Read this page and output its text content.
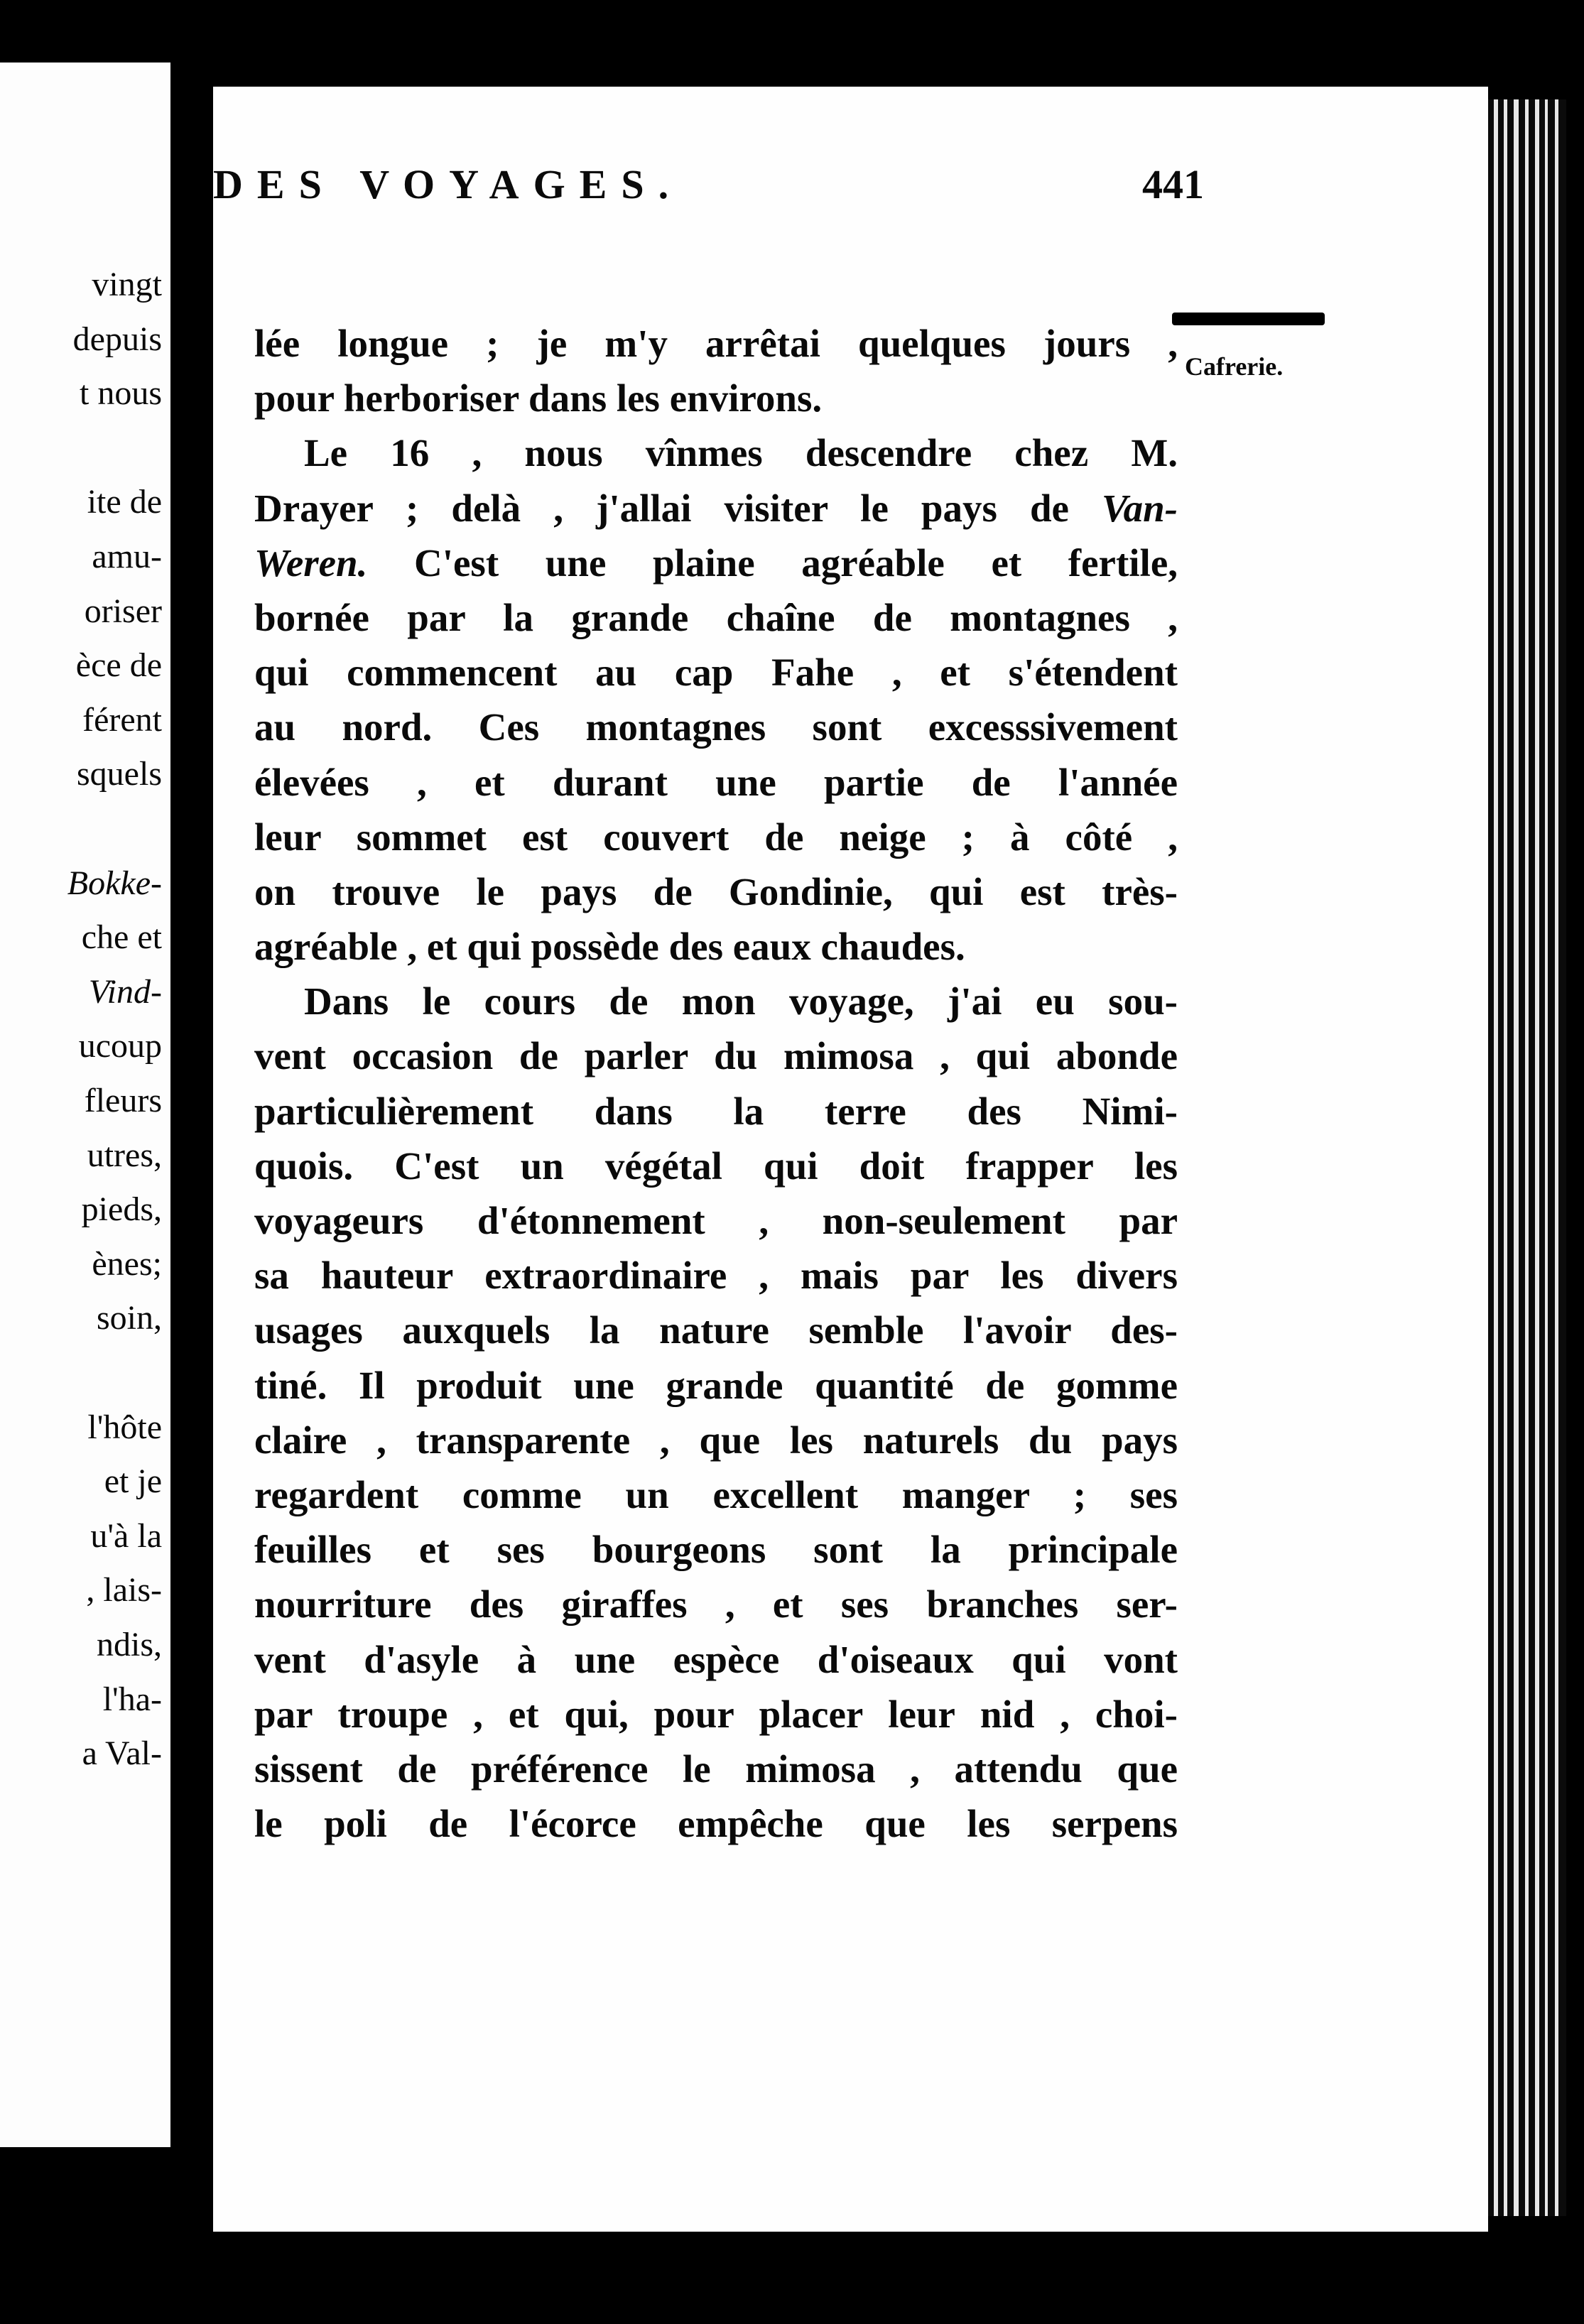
vingt
depuis
t nous
ite de
amu-
oriser
èce de
férent
squels
Bokke-
che et
Vind-
ucoup
fleurs
utres,
pieds,
ènes;
soin,
l'hôte
et je
u'à la
, lais-
ndis,
l'ha-
a Val-
DES VOYAGES.	441
Cafrerie.
lée longue ; je m'y arrêtai quelques jours ,
pour herboriser dans les environs.
Le 16 , nous vînmes descendre chez M.
Drayer ; delà , j'allai visiter le pays de Van-
Weren. C'est une plaine agréable et fertile,
bornée par la grande chaîne de montagnes ,
qui commencent au cap Fahe , et s'étendent
au nord. Ces montagnes sont excesssivement
élevées , et durant une partie de l'année
leur sommet est couvert de neige ; à côté ,
on trouve le pays de Gondinie, qui est très-
agréable , et qui possède des eaux chaudes.
Dans le cours de mon voyage, j'ai eu sou-
vent occasion de parler du mimosa , qui abonde
particulièrement dans la terre des Nimi-
quois. C'est un végétal qui doit frapper les
voyageurs d'étonnement , non-seulement par
sa hauteur extraordinaire , mais par les divers
usages auxquels la nature semble l'avoir des-
tiné. Il produit une grande quantité de gomme
claire , transparente , que les naturels du pays
regardent comme un excellent manger ; ses
feuilles et ses bourgeons sont la principale
nourriture des giraffes , et ses branches ser-
vent d'asyle à une espèce d'oiseaux qui vont
par troupe , et qui, pour placer leur nid , choi-
sissent de préférence le mimosa , attendu que
le poli de l'écorce empêche que les serpens
